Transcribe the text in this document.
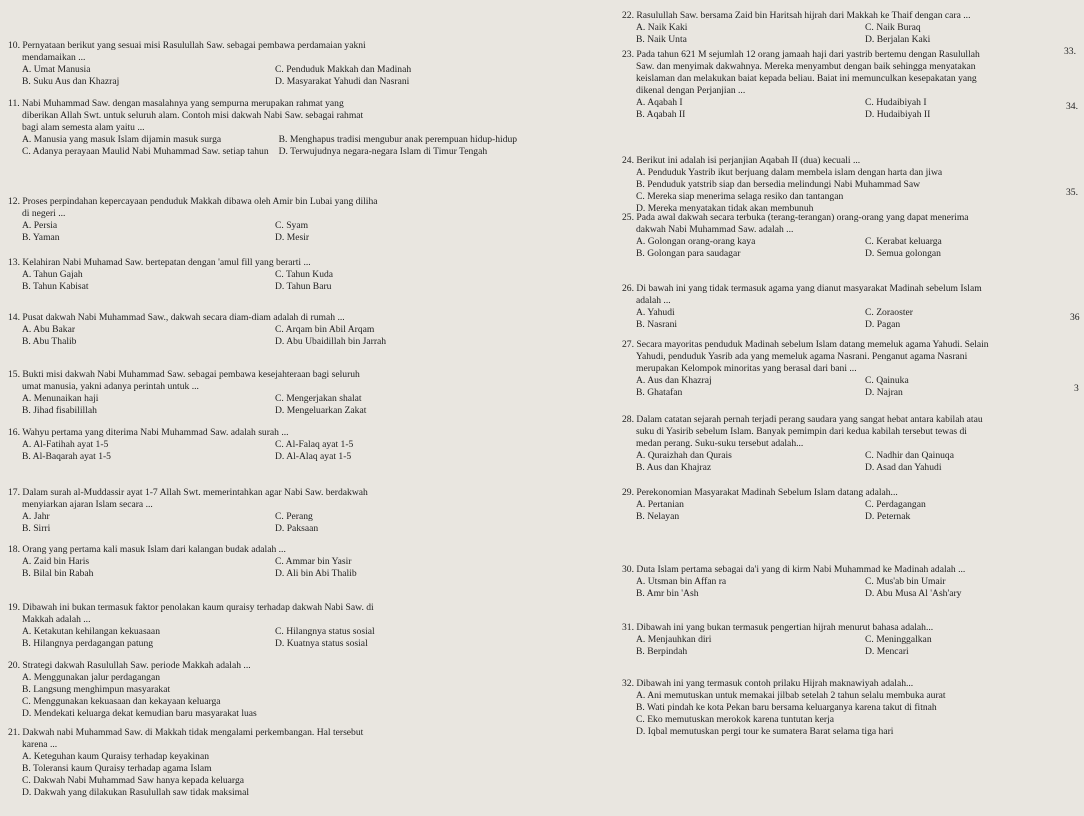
10. Pernyataan berikut yang sesuai misi Rasulullah Saw. sebagai pembawa perdamaian yakni
mendamaikan ...
A. Umat Manusia	C. Penduduk Makkah dan Madinah
B. Suku Aus dan Khazraj	D. Masyarakat Yahudi dan Nasrani
11. Nabi Muhammad Saw. dengan masalahnya yang sempurna merupakan rahmat yang
diberikan Allah Swt. untuk seluruh alam. Contoh misi dakwah Nabi Saw. sebagai rahmat
bagi alam semesta alam yaitu ...
A. Manusia yang masuk Islam dijamin masuk surga	B. Menghapus tradisi mengubur anak perempuan hidup-hidup
C. Adanya perayaan Maulid Nabi Muhammad Saw. setiap tahun D. Terwujudnya negara-negara Islam di Timur Tengah
12. Proses perpindahan kepercayaan penduduk Makkah dibawa oleh Amir bin Lubai yang diliha
di negeri ...
A. Persia	C. Syam
B. Yaman	D. Mesir
13. Kelahiran Nabi Muhamad Saw. bertepatan dengan 'amul fill yang berarti ...
A. Tahun Gajah	C. Tahun Kuda
B. Tahun Kabisat	D. Tahun Baru
14. Pusat dakwah Nabi Muhammad Saw., dakwah secara diam-diam adalah di rumah ...
A. Abu Bakar	C. Arqam bin Abil Arqam
B. Abu Thalib	D. Abu Ubaidillah bin Jarrah
15. Bukti misi dakwah Nabi Muhammad Saw. sebagai pembawa kesejahteraan bagi seluruh
umat manusia, yakni adanya perintah untuk ...
A. Menunaikan haji	C. Mengerjakan shalat
B. Jihad fisabilillah	D. Mengeluarkan Zakat
16. Wahyu pertama yang diterima Nabi Muhammad Saw. adalah surah ...
A. Al-Fatihah ayat 1-5	C. Al-Falaq ayat 1-5
B. Al-Baqarah ayat 1-5	D. Al-Alaq ayat 1-5
17. Dalam surah al-Muddassir ayat 1-7 Allah Swt. memerintahkan agar Nabi Saw. berdakwah
menyiarkan ajaran Islam secara ...
A. Jahr	C. Perang
B. Sirri	D. Paksaan
18. Orang yang pertama kali masuk Islam dari kalangan budak adalah ...
A. Zaid bin Haris	C. Ammar bin Yasir
B. Bilal bin Rabah	D. Ali bin Abi Thalib
19. Dibawah ini bukan termasuk faktor penolakan kaum quraisy terhadap dakwah Nabi Saw. di
Makkah adalah ...
A. Ketakutan kehilangan kekuasaan	C. Hilangnya status sosial
B. Hilangnya perdagangan patung	D. Kuatnya status sosial
20. Strategi dakwah Rasulullah Saw. periode Makkah adalah ...
A. Menggunakan jalur perdagangan
B. Langsung menghimpun masyarakat
C. Menggunakan kekuasaan dan kekayaan keluarga
D. Mendekati keluarga dekat kemudian baru masyarakat luas
21. Dakwah nabi Muhammad Saw. di Makkah tidak mengalami perkembangan. Hal tersebut
karena ...
A. Keteguhan kaum Quraisy terhadap keyakinan
B. Toleransi kaum Quraisy terhadap agama Islam
C. Dakwah Nabi Muhammad Saw hanya kepada keluarga
D. Dakwah yang dilakukan Rasulullah saw tidak maksimal
22. Rasulullah Saw. bersama Zaid bin Haritsah hijrah dari Makkah ke Thaif dengan cara ...
A. Naik Kaki	C. Naik Buraq
B. Naik Unta	D. Berjalan Kaki
23. Pada tahun 621 M sejumlah 12 orang jamaah haji dari yastrib bertemu dengan Rasulullah
Saw. dan menyimak dakwahnya. Mereka menyambut dengan baik sehingga menyatakan
keislaman dan melakukan baiat kepada beliau. Baiat ini memunculkan kesepakatan yang
dikenal dengan Perjanjian ...
A. Aqabah I	C. Hudaibiyah I
B. Aqabah II	D. Hudaibiyah II
24. Berikut ini adalah isi perjanjian Aqabah II (dua) kecuali ...
A. Penduduk Yastrib ikut berjuang dalam membela islam dengan harta dan jiwa
B. Penduduk yatstrib siap dan bersedia melindungi Nabi Muhammad Saw
C. Mereka siap menerima selaga resiko dan tantangan
D. Mereka menyatakan tidak akan membunuh
25. Pada awal dakwah secara terbuka (terang-terangan) orang-orang yang dapat menerima
dakwah Nabi Muhammad Saw. adalah ...
A. Golongan orang-orang kaya	C. Kerabat keluarga
B. Golongan para saudagar	D. Semua golongan
26. Di bawah ini yang tidak termasuk agama yang dianut masyarakat Madinah sebelum Islam
adalah ...
A. Yahudi	C. Zoraoster
B. Nasrani	D. Pagan
27. Secara mayoritas penduduk Madinah sebelum Islam datang memeluk agama Yahudi. Selain
Yahudi, penduduk Yasrib ada yang memeluk agama Nasrani. Penganut agama Nasrani
merupakan Kelompok minoritas yang berasal dari bani ...
A. Aus dan Khazraj	C. Qainuka
B. Ghatafan	D. Najran
28. Dalam catatan sejarah pernah terjadi perang saudara yang sangat hebat antara kabilah atau
suku di Yasirib sebelum Islam. Banyak pemimpin dari kedua kabilah tersebut tewas di
medan perang. Suku-suku tersebut adalah...
A. Quraizhah dan Qurais	C. Nadhir dan Qainuqa
B. Aus dan Khajraz	D. Asad dan Yahudi
29. Perekonomian Masyarakat Madinah Sebelum Islam datang adalah...
A. Pertanian	C. Perdagangan
B. Nelayan	D. Peternak
30. Duta Islam pertama sebagai da'i yang di kirm Nabi Muhammad ke Madinah adalah ...
A. Utsman bin Affan ra	C. Mus'ab bin Umair
B. Amr bin 'Ash	D. Abu Musa Al 'Ash'ary
31. Dibawah ini yang bukan termasuk pengertian hijrah menurut bahasa adalah...
A. Menjauhkan diri	C. Meninggalkan
B. Berpindah	D. Mencari
32. Dibawah ini yang termasuk contoh prilaku Hijrah maknawiyah adalah...
A. Ani memutuskan untuk memakai jilbab setelah 2 tahun selalu membuka aurat
B. Wati pindah ke kota Pekan baru bersama keluarganya karena takut di fitnah
C. Eko memutuskan merokok karena tuntutan kerja
D. Iqbal memutuskan pergi tour ke sumatera Barat selama tiga hari
33.
34.
35.
36
3
